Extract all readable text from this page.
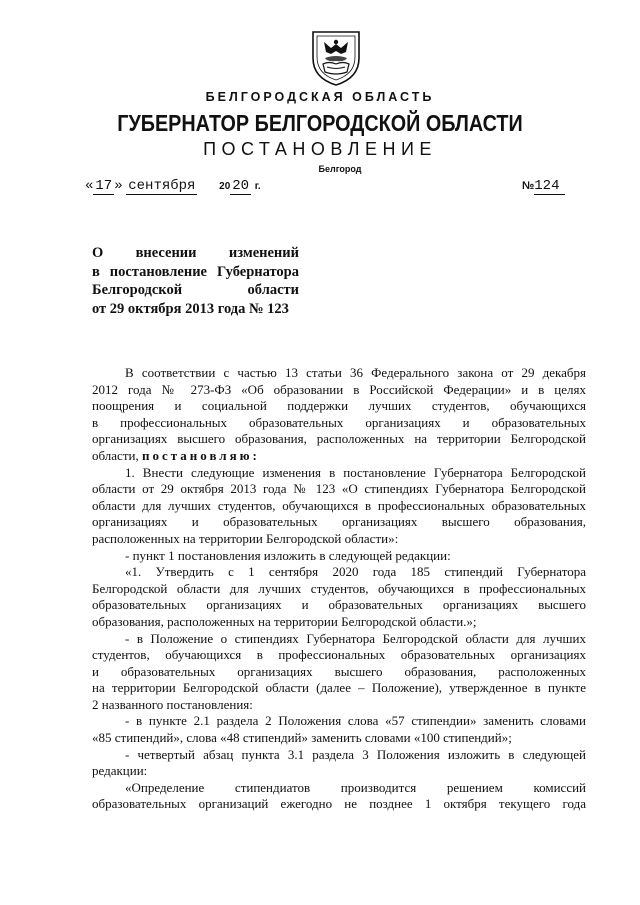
БЕЛГОРОДСКАЯ ОБЛАСТЬ
ГУБЕРНАТОР БЕЛГОРОДСКОЙ ОБЛАСТИ
ПОСТАНОВЛЕНИЕ
Белгород
« 17 » сентября 20 20 г.	№124
О внесении изменений
в постановление Губернатора
Белгородской области
от 29 октября 2013 года № 123
В соответствии с частью 13 статьи 36 Федерального закона от 29 декабря
2012 года № 273-ФЗ «Об образовании в Российской Федерации» и в целях
поощрения и социальной поддержки лучших студентов, обучающихся
в профессиональных образовательных организациях и образовательных
организациях высшего образования, расположенных на территории Белгородской
области, постановляю:
1. Внести следующие изменения в постановление Губернатора Белгородской
области от 29 октября 2013 года № 123 «О стипендиях Губернатора Белгородской
области для лучших студентов, обучающихся в профессиональных образовательных
организациях и образовательных организациях высшего образования,
расположенных на территории Белгородской области»:
- пункт 1 постановления изложить в следующей редакции:
«1. Утвердить с 1 сентября 2020 года 185 стипендий Губернатора
Белгородской области для лучших студентов, обучающихся в профессиональных
образовательных организациях и образовательных организациях высшего
образования, расположенных на территории Белгородской области.»;
- в Положение о стипендиях Губернатора Белгородской области для лучших
студентов, обучающихся в профессиональных образовательных организациях
и образовательных организациях высшего образования, расположенных
на территории Белгородской области (далее – Положение), утвержденное в пункте
2 названного постановления:
- в пункте 2.1 раздела 2 Положения слова «57 стипендии» заменить словами
«85 стипендий», слова «48 стипендий» заменить словами «100 стипендий»;
- четвертый абзац пункта 3.1 раздела 3 Положения изложить в следующей
редакции:
«Определение стипендиатов производится решением комиссий
образовательных организаций ежегодно не позднее 1 октября текущего года
